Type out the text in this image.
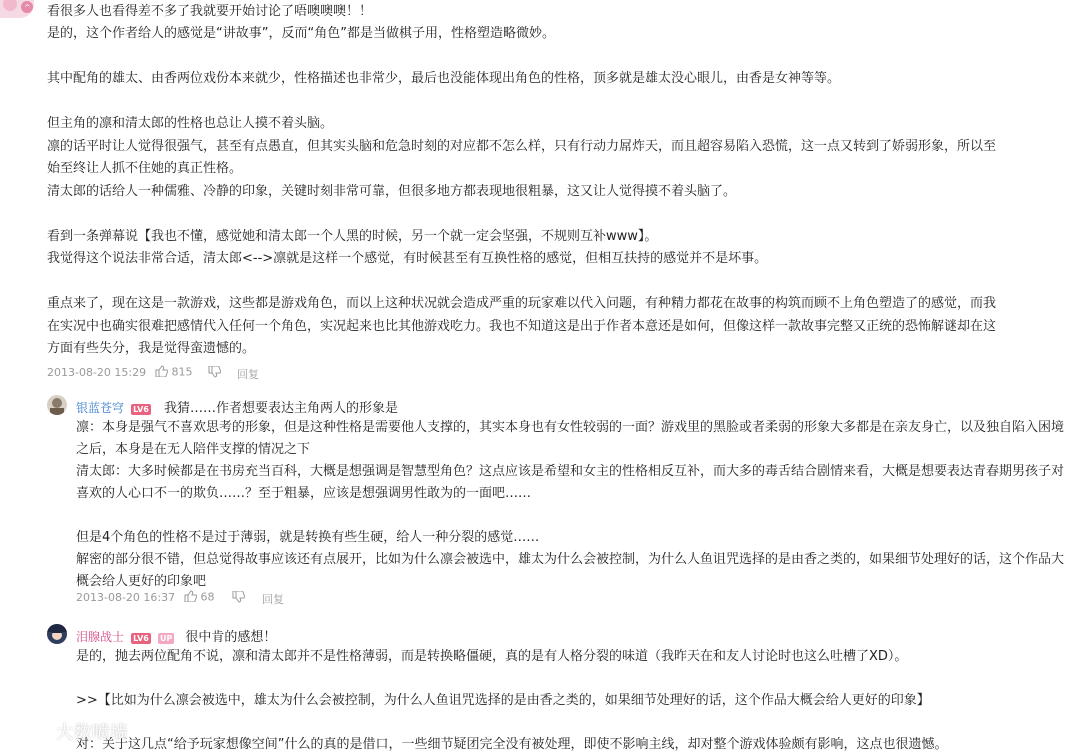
^ 看很多人也看得差不多了我就要开始讨论了唔噢噢噢！！
是的，这个作者给人的感觉是“讲故事”，反而“角色”都是当做棋子用，性格塑造略微妙。
其中配角的雄太、由香两位戏份本来就少，性格描述也非常少，最后也没能体现出角色的性格，顶多就是雄太没心眼儿，由香是女神等等。
但主角的凛和清太郎的性格也总让人摸不着头脑。
凛的话平时让人觉得很强气，甚至有点愚直，但其实头脑和危急时刻的对应都不怎么样，只有行动力屌炸天，而且超容易陷入恐慌，这一点又转到了娇弱形象，所以至
始至终让人抓不住她的真正性格。
清太郎的话给人一种儒雅、冷静的印象，关键时刻非常可靠，但很多地方都表现地很粗暴，这又让人觉得摸不着头脑了。
看到一条弹幕说【我也不懂，感觉她和清太郎一个人黑的时候，另一个就一定会坚强，不规则互补www】。
我觉得这个说法非常合适，清太郎<-->凛就是这样一个感觉，有时候甚至有互换性格的感觉，但相互扶持的感觉并不是坏事。
重点来了，现在这是一款游戏，这些都是游戏角色，而以上这种状况就会造成严重的玩家难以代入问题，有种精力都花在故事的构筑而顾不上角色塑造了的感觉，而我
在实况中也确实很难把感情代入任何一个角色，实况起来也比其他游戏吃力。我也不知道这是出于作者本意还是如何，但像这样一款故事完整又正统的恐怖解谜却在这
方面有些失分，我是觉得蛮遗憾的。
2013-08-20 15:29	815	回复
银蓝苍穹 LV6 我猜……作者想要表达主角两人的形象是
凛：本身是强气不喜欢思考的形象，但是这种性格是需要他人支撑的，其实本身也有女性较弱的一面？游戏里的黑脸或者柔弱的形象大多都是在亲友身亡，以及独自陷入困境
之后，本身是在无人陪伴支撑的情况之下
清太郎：大多时候都是在书房充当百科，大概是想强调是智慧型角色？这点应该是希望和女主的性格相反互补，而大多的毒舌结合剧情来看，大概是想要表达青春期男孩子对
喜欢的人心口不一的欺负……？至于粗暴，应该是想强调男性敢为的一面吧……
但是4个角色的性格不是过于薄弱，就是转换有些生硬，给人一种分裂的感觉……
解密的部分很不错，但总觉得故事应该还有点展开，比如为什么凛会被选中，雄太为什么会被控制，为什么人鱼诅咒选择的是由香之类的，如果细节处理好的话，这个作品大
概会给人更好的印象吧
2013-08-20 16:37	68	回复
泪腺战士 LV6 UP 很中肯的感想！
是的，抛去两位配角不说，凛和清太郎并不是性格薄弱，而是转换略僵硬，真的是有人格分裂的味道（我昨天在和友人讨论时也这么吐槽了XD）。
>>【比如为什么凛会被选中，雄太为什么会被控制，为什么人鱼诅咒选择的是由香之类的，如果细节处理好的话，这个作品大概会给人更好的印象】
对：关于这几点“给予玩家想像空间”什么的真的是借口，一些细节疑团完全没有被处理，即使不影响主线，却对整个游戏体验颇有影响，这点也很遗憾。
大数喷墙
